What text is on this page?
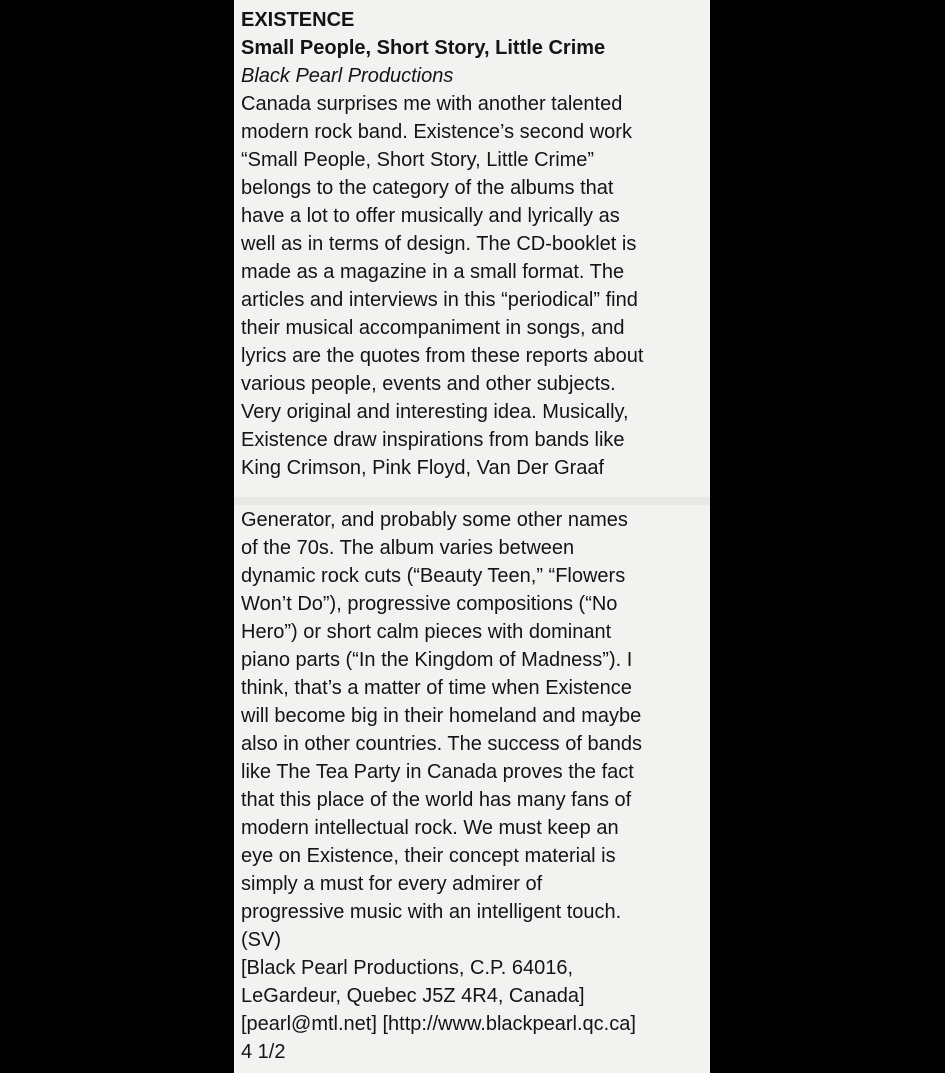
EXISTENCE
Small People, Short Story, Little Crime
Black Pearl Productions
Canada surprises me with another talented
modern rock band. Existence’s second work
“Small People, Short Story, Little Crime”
belongs to the category of the albums that
have a lot to offer musically and lyrically as
well as in terms of design. The CD-booklet is
made as a magazine in a small format. The
articles and interviews in this “periodical” find
their musical accompaniment in songs, and
lyrics are the quotes from these reports about
various people, events and other subjects.
Very original and interesting idea. Musically,
Existence draw inspirations from bands like
King Crimson, Pink Floyd, Van Der Graaf
Generator, and probably some other names
of the 70s. The album varies between
dynamic rock cuts (“Beauty Teen,” “Flowers
Won’t Do”), progressive compositions (“No
Hero”) or short calm pieces with dominant
piano parts (“In the Kingdom of Madness”). I
think, that’s a matter of time when Existence
will become big in their homeland and maybe
also in other countries. The success of bands
like The Tea Party in Canada proves the fact
that this place of the world has many fans of
modern intellectual rock. We must keep an
eye on Existence, their concept material is
simply a must for every admirer of
progressive music with an intelligent touch.
(SV)
[Black Pearl Productions, C.P. 64016,
LeGardeur, Quebec J5Z 4R4, Canada]
[pearl@mtl.net] [http://www.blackpearl.qc.ca]
4 1/2
